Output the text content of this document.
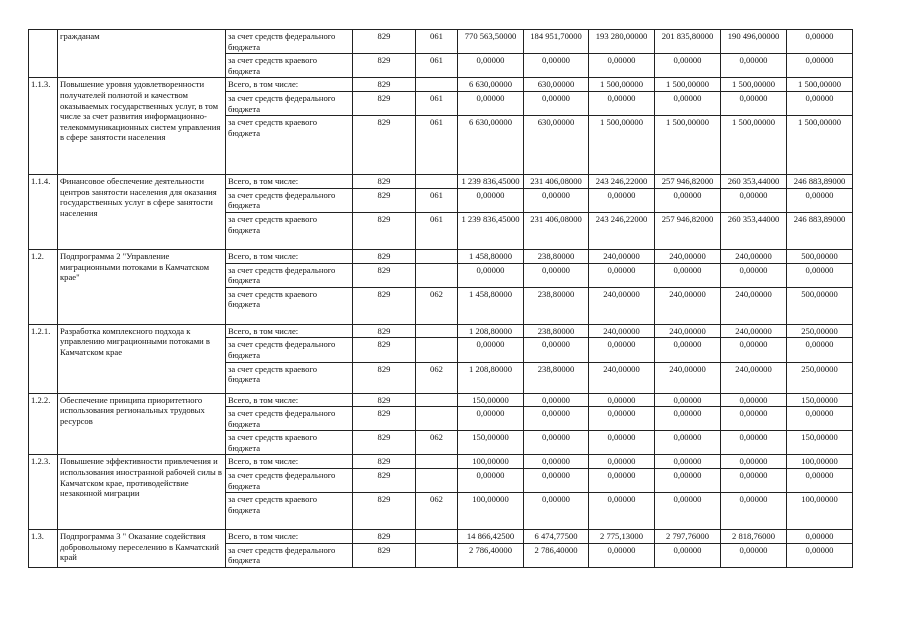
	гражданам	за счет средств федерального бюджета	829	061	770 563,50000	184 951,70000	193 280,00000	201 835,80000	190 496,00000	0,00000
		за счет средств краевого бюджета	829	061	0,00000	0,00000	0,00000	0,00000	0,00000	0,00000
1.1.3.	Повышение уровня удовлетворенности получателей полнотой и качеством оказываемых государственных услуг, в том числе за счет развития информационно- телекоммуникационных систем управления в сфере занятости населения	Всего, в том числе:	829		6 630,00000	630,00000	1 500,00000	1 500,00000	1 500,00000	1 500,00000
		за счет средств федерального бюджета	829	061	0,00000	0,00000	0,00000	0,00000	0,00000	0,00000
		за счет средств краевого бюджета	829	061	6 630,00000	630,00000	1 500,00000	1 500,00000	1 500,00000	1 500,00000
1.1.4.	Финансовое обеспечение деятельности центров занятости населения для оказания государственных услуг в сфере занятости населения	Всего, в том числе:	829		1 239 836,45000	231 406,08000	243 246,22000	257 946,82000	260 353,44000	246 883,89000
		за счет средств федерального бюджета	829	061	0,00000	0,00000	0,00000	0,00000	0,00000	0,00000
		за счет средств краевого бюджета	829	061	1 239 836,45000	231 406,08000	243 246,22000	257 946,82000	260 353,44000	246 883,89000
1.2.	Подпрограмма 2 "Управление миграционными потоками в Камчатском крае"	Всего, в том числе:	829		1 458,80000	238,80000	240,00000	240,00000	240,00000	500,00000
		за счет средств федерального бюджета	829		0,00000	0,00000	0,00000	0,00000	0,00000	0,00000
		за счет средств краевого бюджета	829	062	1 458,80000	238,80000	240,00000	240,00000	240,00000	500,00000
1.2.1.	Разработка комплексного подхода к управлению миграционными потоками в Камчатском крае	Всего, в том числе:	829		1 208,80000	238,80000	240,00000	240,00000	240,00000	250,00000
		за счет средств федерального бюджета	829		0,00000	0,00000	0,00000	0,00000	0,00000	0,00000
		за счет средств краевого бюджета	829	062	1 208,80000	238,80000	240,00000	240,00000	240,00000	250,00000
1.2.2.	Обеспечение принципа приоритетного использования региональных трудовых ресурсов	Всего, в том числе:	829		150,00000	0,00000	0,00000	0,00000	0,00000	150,00000
		за счет средств федерального бюджета	829		0,00000	0,00000	0,00000	0,00000	0,00000	0,00000
		за счет средств краевого бюджета	829	062	150,00000	0,00000	0,00000	0,00000	0,00000	150,00000
1.2.3.	Повышение эффективности привлечения и использования иностранной рабочей силы в Камчатском крае, противодействие незаконной миграции	Всего, в том числе:	829		100,00000	0,00000	0,00000	0,00000	0,00000	100,00000
		за счет средств федерального бюджета	829		0,00000	0,00000	0,00000	0,00000	0,00000	0,00000
		за счет средств краевого бюджета	829	062	100,00000	0,00000	0,00000	0,00000	0,00000	100,00000
1.3.	Подпрограмма 3 " Оказание содействия добровольному переселению в Камчатский край	Всего, в том числе:	829		14 866,42500	6 474,77500	2 775,13000	2 797,76000	2 818,76000	0,00000
		за счет средств федерального бюджета	829		2 786,40000	2 786,40000	0,00000	0,00000	0,00000	0,00000
